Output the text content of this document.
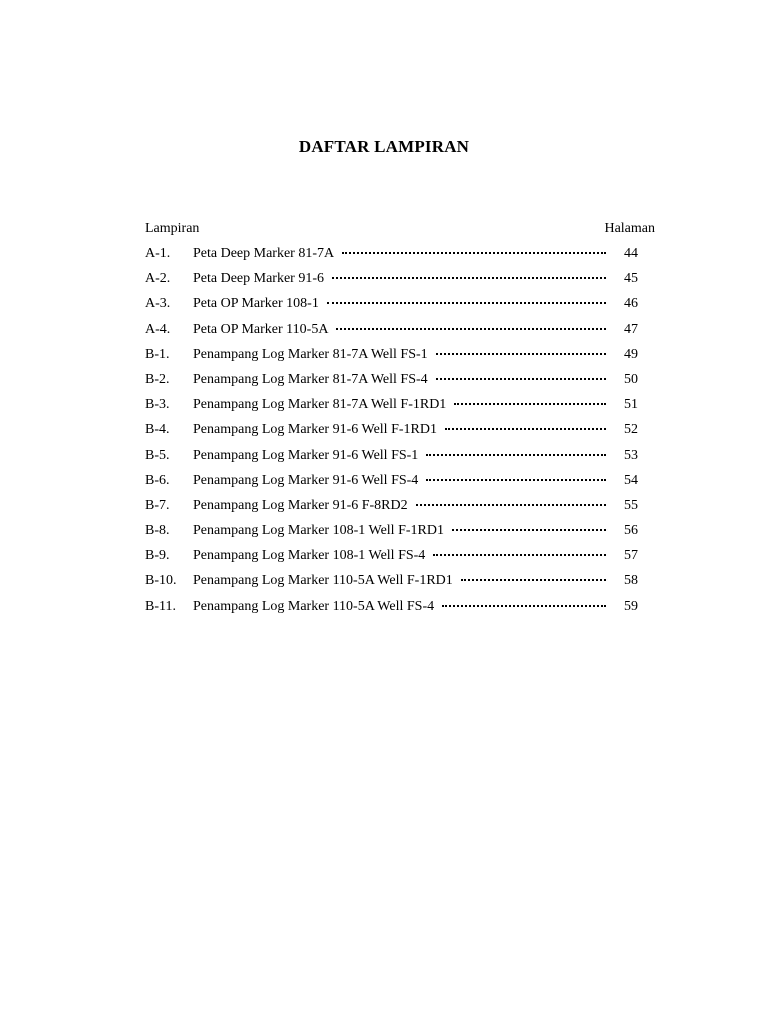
DAFTAR LAMPIRAN
Lampiran	Halaman
A-1.	Peta Deep Marker 81-7A	44
A-2.	Peta Deep Marker 91-6	45
A-3.	Peta OP Marker 108-1	46
A-4.	Peta OP Marker 110-5A	47
B-1.	Penampang Log Marker 81-7A Well FS-1	49
B-2.	Penampang Log Marker 81-7A Well FS-4	50
B-3.	Penampang Log Marker 81-7A Well F-1RD1	51
B-4.	Penampang Log Marker 91-6 Well F-1RD1	52
B-5.	Penampang Log Marker 91-6 Well FS-1	53
B-6.	Penampang Log Marker 91-6 Well FS-4	54
B-7.	Penampang Log Marker 91-6 F-8RD2	55
B-8.	Penampang Log Marker 108-1 Well F-1RD1	56
B-9.	Penampang Log Marker 108-1 Well FS-4	57
B-10.	Penampang Log Marker 110-5A Well F-1RD1	58
B-11.	Penampang Log Marker 110-5A Well FS-4	59
